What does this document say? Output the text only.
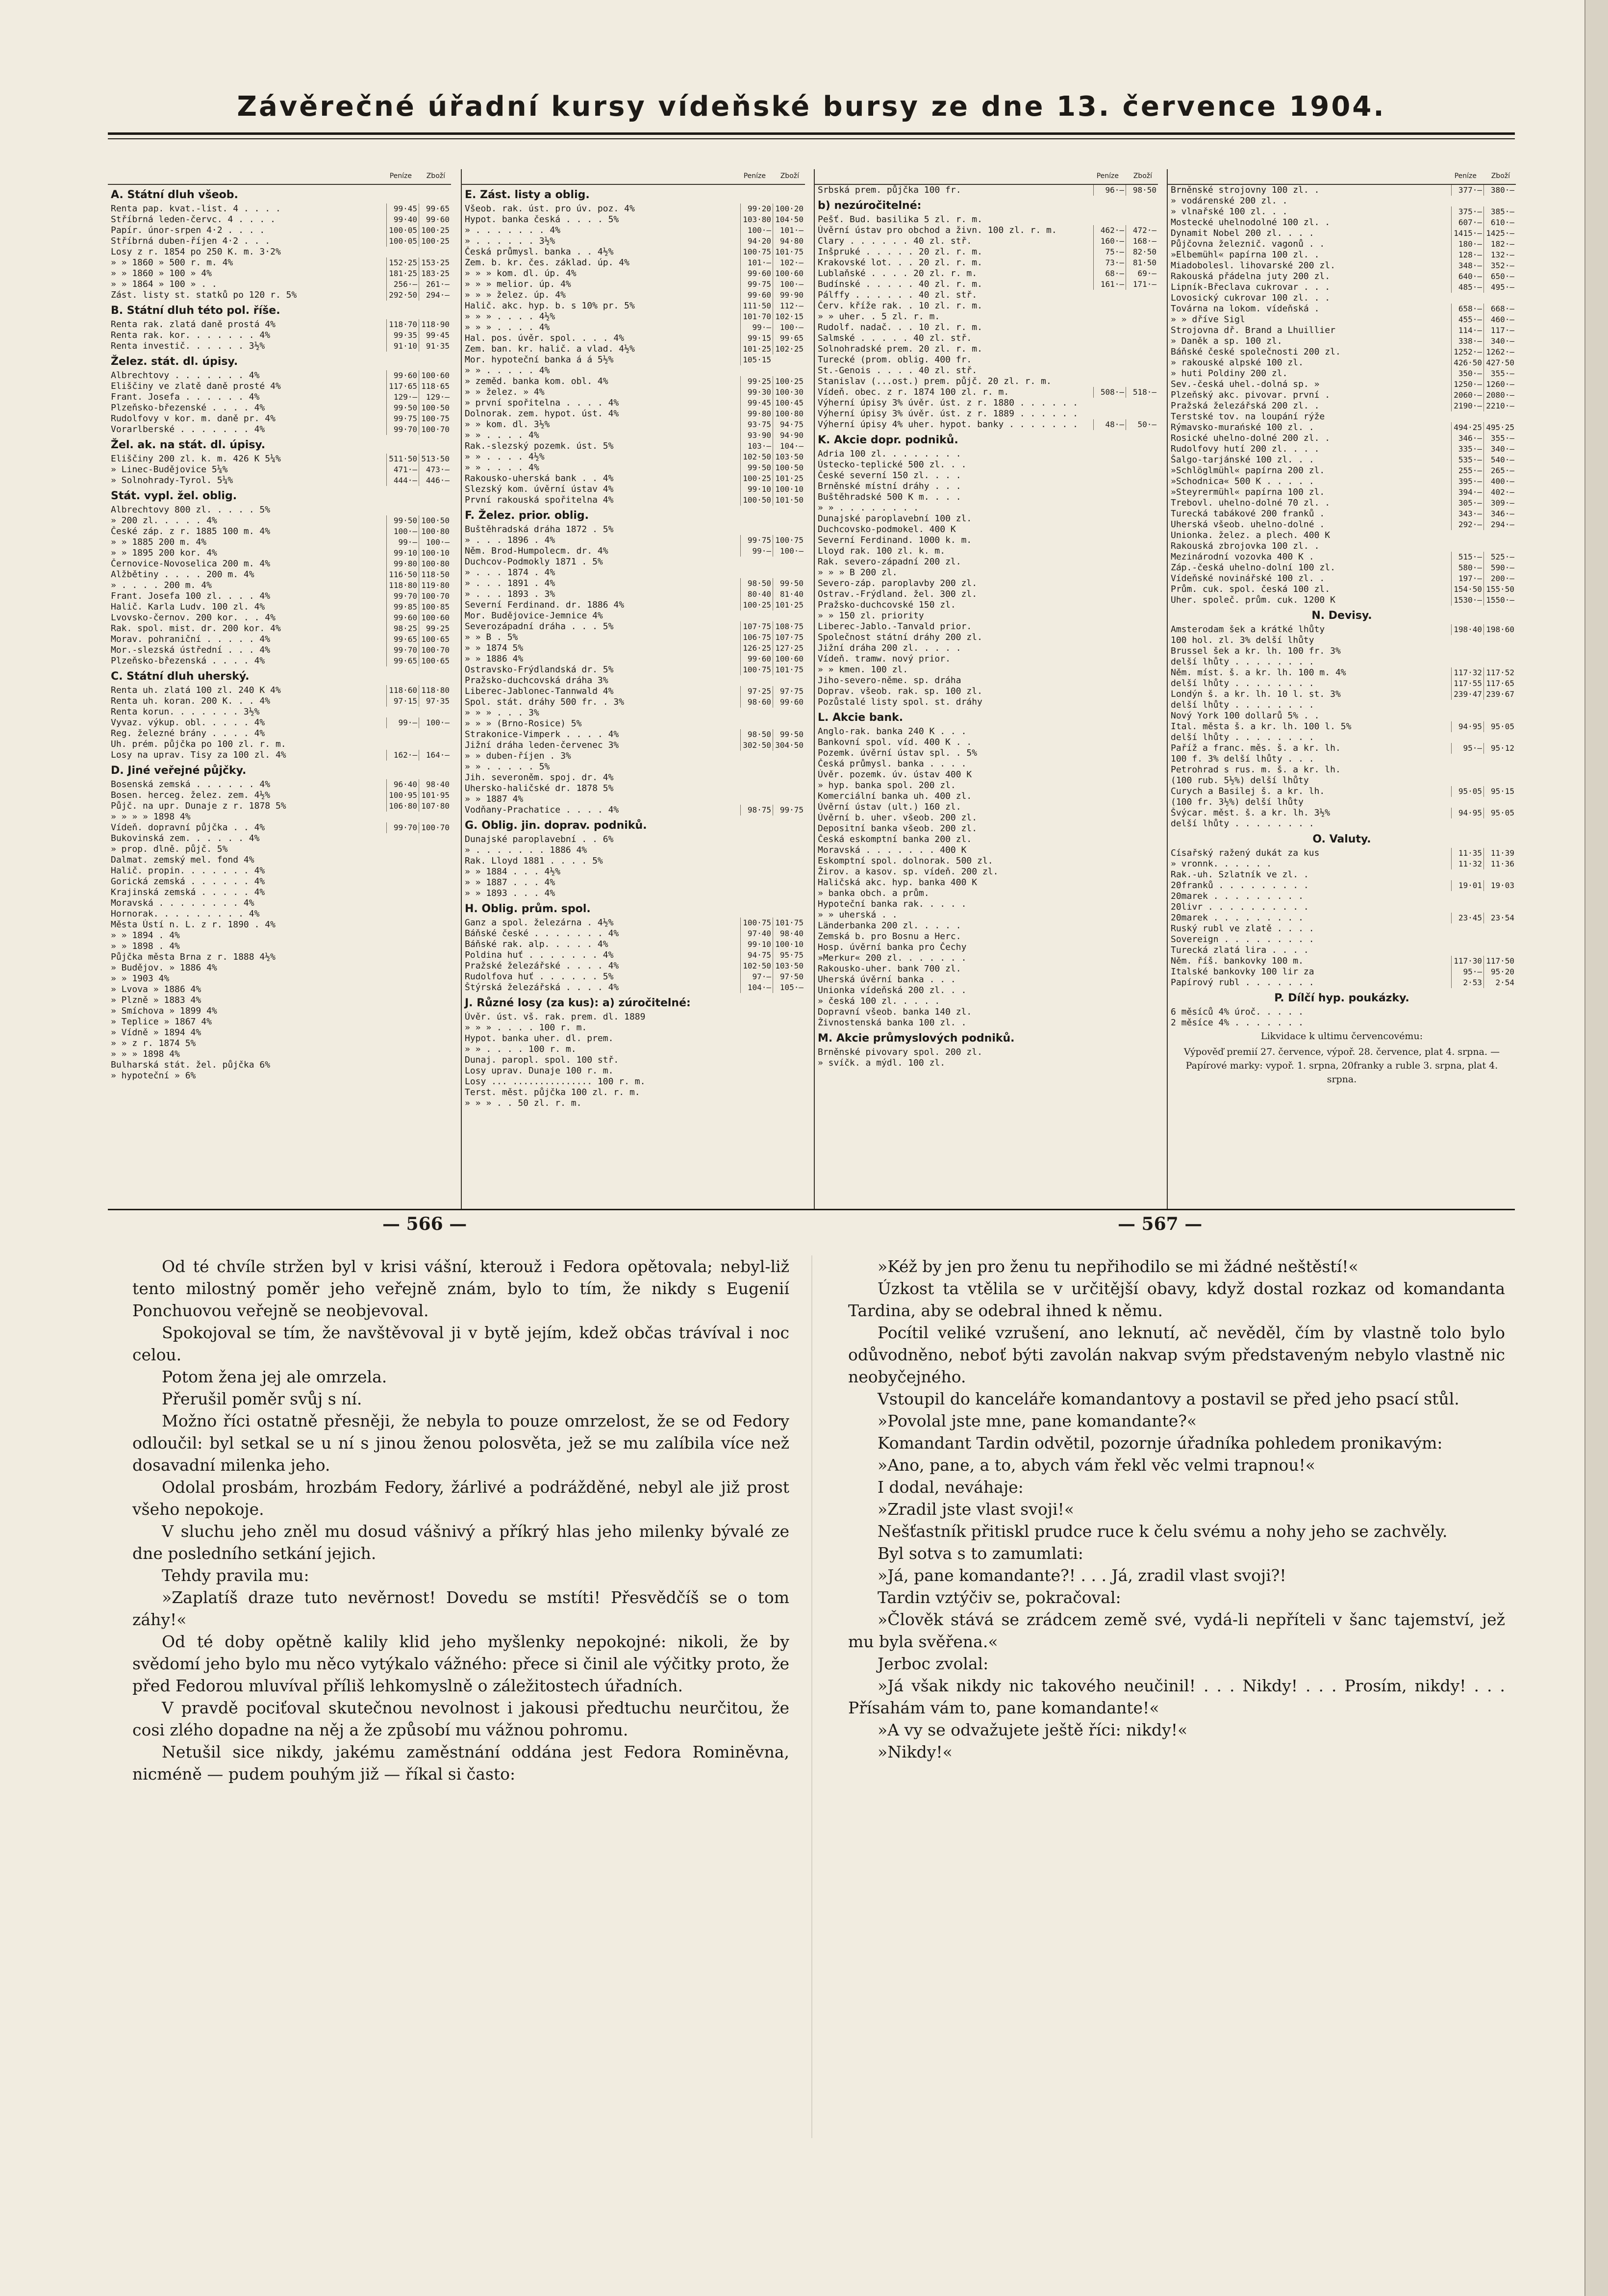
Závěrečné úřadní kursy vídeňské bursy ze dne 13. července 1904.
Peníze Zboží
A. Státní dluh všeob.
Renta pap. kvat.-list. 4 . . . .	99·45	99·65
Stříbrná leden-červc. 4 . . . .	99·40	99·60
Papír. únor-srpen 4·2 . . . .	100·05 100·25
Stříbrná duben-říjen 4·2 . . .	100·05 100·25
Losy z r. 1854 po 250 K. m. 3·2%
» » 1860 » 500 r. m. 4%	152·25 153·25
» » 1860 » 100 » 4%	181·25 183·25
» » 1864 » 100 » . .	256·—	261·—
Zást. listy st. statků po 120 r. 5%	292·50	294·—
B. Státní dluh této pol. říše.
Renta rak. zlatá daně prostá 4%	118·70 118·90
Renta rak. kor. . . . . . . 4%	99·35	99·45
Renta investič. . . . . . 3½%	91·10	91·35
Želez. stát. dl. úpisy.
Albrechtovy . . . . . . . 4%	99·60 100·60
Eliščiny ve zlatě daně prosté 4%	117·65 118·65
Frant. Josefa . . . . . . 4%	129·—	129·—
Plzeňsko-březenské . . . . 4%	99·50 100·50
Rudolfovy v kor. m. daně pr. 4%	99·75 100·75
Vorarlberské . . . . . . . 4%	99·70 100·70
Žel. ak. na stát. dl. úpisy.
Eliščiny 200 zl. k. m. 426 K 5¼%	511·50 513·50
» Linec-Budějovice 5¼%	471·—	473·—
» Solnohrady-Tyrol. 5¼%	444·—	446·—
Stát. vypl. žel. oblig.
Albrechtovy 800 zl. . . . . 5%
» 200 zl. . . . . 4%	99·50 100·50
České záp. z r. 1885 100 m. 4%	100·— 100·80
» » 1885 200 m. 4%	99·—	100·—
» » 1895 200 kor. 4%	99·10 100·10
Černovice-Novoselica 200 m. 4%	99·80 100·80
Alžbětiny . . . . 200 m. 4%	116·50 118·50
» . . . . 200 m. 4%	118·80 119·80
Frant. Josefa 100 zl. . . . 4%	99·70 100·70
Halič. Karla Ludv. 100 zl. 4%	99·85 100·85
Lvovsko-černov. 200 kor. . . 4%	99·60 100·60
Rak. spol. mist. dr. 200 kor. 4%	98·25	99·25
Morav. pohraniční . . . . . 4%	99·65 100·65
Mor.-slezská ústřední . . . 4%	99·70 100·70
Plzeňsko-březenská . . . . 4%	99·65 100·65
C. Státní dluh uherský.
Renta uh. zlatá 100 zl. 240 K 4%	118·60 118·80
Renta uh. koran. 200 K. . . 4%	97·15	97·35
Renta korun. . . . . . . 3½%
Vyvaz. výkup. obl. . . . . 4%	99·—	100·—
Reg. železné brány . . . . 4%
Uh. prém. půjčka po 100 zl. r. m.
Losy na uprav. Tisy za 100 zl. 4%	162·—	164·—
D. Jiné veřejné půjčky.
Bosenská zemská . . . . . . 4%	96·40	98·40
Bosen. herceg. želez. zem. 4½%	100·95 101·95
Půjč. na upr. Dunaje z r. 1878 5%	106·80 107·80
» » » » 1898 4%
Vídeň. dopravní půjčka . . 4%	99·70 100·70
Bukovinská zem. . . . . . 4%
» prop. dlně. půjč. 5%
Dalmat. zemský mel. fond 4%
Halič. propin. . . . . . . 4%
Gorická zemská . . . . . . 4%
Krajinská zemská . . . . . 4%
Moravská . . . . . . . . 4%
Hornorak. . . . . . . . . 4%
Města Ústí n. L. z r. 1890 . 4%
» » 1894 . 4%
» » 1898 . 4%
Půjčka města Brna z r. 1888 4½%
» Budějov. » 1886 4%
» » 1903 4%
» Lvova » 1886 4%
» Plzně » 1883 4%
» Smíchova » 1899 4%
» Teplice » 1867 4%
» Vídně » 1894 4%
» » z r. 1874 5%
» » » 1898 4%
Bulharská stát. žel. půjčka 6%
» hypoteční » 6%
Peníze Zboží
E. Zást. listy a oblig.
Všeob. rak. úst. pro úv. poz. 4%	99·20 100·20
Hypot. banka česká . . . . 5%	103·80 104·50
» . . . . . . . 4%	100·—	101·—
» . . . . . . 3½%	94·20	94·80
Česká průmysl. banka . . 4½%	100·75 101·75
Zem. b. kr. čes. základ. úp. 4%	101·—	102·—
» » » kom. dl. úp. 4%	99·60 100·60
» » » melior. úp. 4%	99·75	100·—
» » » želez. úp. 4%	99·60	99·90
Halič. akc. hyp. b. s 10% pr. 5%	111·50	112·—
» » » . . . . 4½%	101·70 102·15
» » » . . . . 4%	99·—	100·—
Hal. pos. úvěr. spol. . . . 4%	99·15	99·65
Zem. ban. kr. halič. a vlad. 4½%	101·25 102·25
Mor. hypoteční banka á á 5½%	105·15
» » . . . . . 4%
» zeměd. banka kom. obl. 4%	99·25 100·25
» » želez. » 4%	99·30 100·30
» první spořitelna . . . . 4%	99·45 100·45
Dolnorak. zem. hypot. úst. 4%	99·80 100·80
» » kom. dl. 3½%	93·75	94·75
» » . . . . 4%	93·90	94·90
Rak.-slezský pozemk. úst. 5%	103·—	104·—
» » . . . . 4½%	102·50 103·50
» » . . . . 4%	99·50 100·50
Rakousko-uherská bank . . 4%	100·25 101·25
Slezský kom. úvěrní ústav 4%	99·10 100·10
První rakouská spořitelna 4%	100·50 101·50
F. Želez. prior. oblig.
Buštěhradská dráha 1872 . 5%
» . . . 1896 . 4%	99·75 100·75
Něm. Brod-Humpolecm. dr. 4%	99·—	100·—
Duchcov-Podmokly 1871 . 5%
» . . . 1874 . 4%
» . . . 1891 . 4%	98·50	99·50
» . . . 1893 . 3%	80·40	81·40
Severní Ferdinand. dr. 1886 4%	100·25 101·25
Mor. Budějovice-Jemnice 4%
Severozápadní dráha . . . 5%	107·75 108·75
» » B . 5%	106·75 107·75
» » 1874 5%	126·25 127·25
» » 1886 4%	99·60 100·60
Ostravsko-Frýdlandská dr. 5%	100·75 101·75
Pražsko-duchcovská dráha 3%
Liberec-Jablonec-Tannwald 4%	97·25	97·75
Spol. stát. dráhy 500 fr. . 3%	98·60	99·60
» » » . . . 3%
» » » (Brno-Rosice) 5%
Strakonice-Vimperk . . . . 4%	98·50	99·50
Jižní dráha leden-červenec 3%	302·50 304·50
» » duben-říjen . 3%
» » . . . . . 5%
Jih. severoněm. spoj. dr. 4%
Uhersko-haličské dr. 1878 5%
» » 1887 4%
Vodňany-Prachatice . . . . 4%	98·75	99·75
G. Oblig. jin. doprav. podniků.
Dunajské paroplavební . . 6%
» . . . . . . . 1886 4%
Rak. Lloyd 1881 . . . . 5%
» » 1884 . . . 4½%
» » 1887 . . . 4%
» » 1893 . . . 4%
H. Oblig. prům. spol.
Ganz a spol. železárna . 4½%	100·75 101·75
Báňské české . . . . . . . 4%	97·40	98·40
Báňské rak. alp. . . . . 4%	99·10 100·10
Poldina huť . . . . . . . 4%	94·75	95·75
Pražské železářské . . . . 4%	102·50 103·50
Rudolfova huť . . . . . . 5%	97·—	97·50
Štýrská železářská . . . . 4%	104·—	105·—
J. Různé losy (za kus): a) zúročitelné:
Úvěr. úst. vš. rak. prem. dl. 1889
» » » . . . . 100 r. m.
Hypot. banka uher. dl. prem.
» » . . . . 100 r. m.
Dunaj. paropl. spol. 100 stř.
Losy uprav. Dunaje 100 r. m.
Losy ... ............... 100 r. m.
Terst. měst. půjčka 100 zl. r. m.
» » » . . 50 zl. r. m.
Peníze Zboží
Srbská prem. půjčka 100 fr.	96·—	98·50
b) nezúročitelné:
Pešť. Bud. basilika 5 zl. r. m.
Úvěrní ústav pro obchod a živn. 100 zl. r. m.	462·—	472·—
Clary . . . . . . 40 zl. stř.	160·—	168·—
Inšpruké . . . . . 20 zl. r. m.	75·—	82·50
Krakovské lot. . . 20 zl. r. m.	73·—	81·50
Lublaňské . . . . 20 zl. r. m.	68·—	69·—
Budínské . . . . . 40 zl. r. m.	161·—	171·—
Pálffy . . . . . . 40 zl. stř.
Červ. kříže rak. . 10 zl. r. m.
» » uher. . 5 zl. r. m.
Rudolf. nadač. . . 10 zl. r. m.
Salmské . . . . . 40 zl. stř.
Solnohradské prem. 20 zl. r. m.
Turecké (prom. oblig. 400 fr.
St.-Genois . . . . 40 zl. stř.
Stanislav (...ost.) prem. půjč. 20 zl. r. m.
Vídeň. obec. z r. 1874 100 zl. r. m.	508·—	518·—
Výherní úpisy 3% úvěr. úst. z r. 1880 . . . . . .
Výherní úpisy 3% úvěr. úst. z r. 1889 . . . . . .
Výherní úpisy 4% uher. hypot. banky . . . . . . .	48·—	50·—
K. Akcie dopr. podniků.
Adria 100 zl. . . . . . . .
Ústecko-teplické 500 zl. . .
České severní 150 zl. . . .
Brněnské místní dráhy . . .
Buštěhradské 500 K m. . . .
» » . . . . . . . .
Dunajské paroplavební 100 zl.
Duchcovsko-podmokel. 400 K
Severní Ferdinand. 1000 k. m.
Lloyd rak. 100 zl. k. m.
Rak. severo-západní 200 zl.
» » » B 200 zl.
Severo-záp. paroplavby 200 zl.
Ostrav.-Frýdland. žel. 300 zl.
Pražsko-duchcovské 150 zl.
» » 150 zl. priority
Liberec-Jablo.-Tanvald prior.
Společnost státní dráhy 200 zl.
Jižní dráha 200 zl. . . . .
Vídeň. tramw. nový prior.
» » kmen. 100 zl.
Jiho-severo-něme. sp. dráha
Doprav. všeob. rak. sp. 100 zl.
Pozůstalé listy spol. st. dráhy
L. Akcie bank.
Anglo-rak. banka 240 K . . .
Bankovní spol. víd. 400 K . .
Pozemk. úvěrní ústav spl. . 5%
Česká průmysl. banka . . . .
Úvěr. pozemk. úv. ústav 400 K
» hyp. banka spol. 200 zl.
Komerciální banka uh. 400 zl.
Úvěrní ústav (ult.) 160 zl.
Úvěrní b. uher. všeob. 200 zl.
Depositní banka všeob. 200 zl.
Česká eskomptní banka 200 zl.
Moravská . . . . . . . 400 K
Eskomptní spol. dolnorak. 500 zl.
Žirov. a kasov. sp. vídeň. 200 zl.
Haličská akc. hyp. banka 400 K
» banka obch. a prům.
Hypoteční banka rak. . . . .
» » uherská . .
Länderbanka 200 zl. . . . .
Zemská b. pro Bosnu a Herc.
Hosp. úvěrní banka pro Čechy
»Merkur« 200 zl. . . . . . .
Rakousko-uher. bank 700 zl.
Uherská úvěrní banka . . .
Unionka vídeňská 200 zl. . .
» česká 100 zl. . . . .
Dopravní všeob. banka 140 zl.
Živnostenská banka 100 zl. .
M. Akcie průmyslových podniků.
Brněnské pivovary spol. 200 zl.
» svíčk. a mýdl. 100 zl.
Peníze Zboží
Brněnské strojovny 100 zl. .	377·—	380·—
» vodárenské 200 zl. .
» vlnařské 100 zl. . .	375·—	385·—
Mostecké uhelnodolné 100 zl. .	607·—	610·—
Dynamit Nobel 200 zl. . . .	1415·— 1425·—
Půjčovna železnič. vagonů . .	180·—	182·—
»Elbemühl« papírna 100 zl. .	128·—	132·—
Miadobolesl. lihovarské 200 zl.	348·—	352·—
Rakouská přádelna juty 200 zl.	640·—	650·—
Lipník-Břeclava cukrovar . . .	485·—	495·—
Lovosický cukrovar 100 zl. . .
Továrna na lokom. vídeňská .	658·—	668·—
» » dříve Sigl	455·—	460·—
Strojovna dř. Brand a Lhuillier	114·—	117·—
» Daněk a sp. 100 zl.	338·—	340·—
Báňské české společnosti 200 zl.	1252·— 1262·—
» rakouské alpské 100 zl.	426·50 427·50
» huti Poldiny 200 zl.	350·—	355·—
Sev.-česká uhel.-dolná sp. »	1250·— 1260·—
Plzeňský akc. pivovar. první .	2060·— 2080·—
Pražská železářská 200 zl. .	2190·— 2210·—
Terstské tov. na loupání rýže
Rýmavsko-murańské 100 zl. .	494·25 495·25
Rosické uhelno-dolné 200 zl. .	346·—	355·—
Rudolfovy hutí 200 zl. . . .	335·—	340·—
Šalgo-tarjánské 100 zl. . .	535·—	540·—
»Schlöglmühl« papírna 200 zl.	255·—	265·—
»Schodnica« 500 K . . . . .	395·—	400·—
»Steyrermühl« papírna 100 zl.	394·—	402·—
Trebovl. uhelno-dolné 70 zl. .	305·—	309·—
Turecká tabákové 200 franků .	343·—	346·—
Uherská všeob. uhelno-dolné .	292·—	294·—
Unionka. želez. a plech. 400 K
Rakouská zbrojovka 100 zl. .
Mezinárodní vozovka 400 K .	515·—	525·—
Záp.-česká uhelno-dolní 100 zl.	580·—	590·—
Vídeňské novinářské 100 zl. .	197·—	200·—
Prům. cuk. spol. česká 100 zl.	154·50 155·50
Uher. společ. prům. cuk. 1200 K	1530·— 1550·—
N. Devisy.
Amsterodam šek a krátké lhůty	198·40 198·60
100 hol. zl. 3% delší lhůty
Brussel šek a kr. lh. 100 fr. 3%
delší lhůty . . . . . . . .
Něm. míst. š. a kr. lh. 100 m. 4%	117·32 117·52
delší lhůty . . . . . . . .	117·55 117·65
Londýn š. a kr. lh. 10 l. st. 3%	239·47 239·67
delší lhůty . . . . . . . .
Nový York 100 dollarů 5% . .
Ital. města š. a kr. lh. 100 l. 5%	94·95	95·05
delší lhůty . . . . . . . .
Paříž a franc. měs. š. a kr. lh.	95·—	95·12
100 f. 3% delší lhůty . . .
Petrohrad s rus. m. š. a kr. lh.
(100 rub. 5½%) delší lhůty
Curych a Basilej š. a kr. lh.	95·05	95·15
(100 fr. 3½%) delší lhůty
Švýcar. měst. š. a kr. lh. 3½%	94·95	95·05
delší lhůty . . . . . . . .
O. Valuty.
Císařský ražený dukát za kus	11·35	11·39
» vronnk. . . . . .	11·32	11·36
Rak.-uh. Szlatník ve zl. .
20franků . . . . . . . . .	19·01	19·03
20marek . . . . . . . . .
20livr . . . . . . . . . .
20marek . . . . . . . . .	23·45	23·54
Ruský rubl ve zlatě . . . .
Sovereign . . . . . . . . .
Turecká zlatá lira . . . .
Něm. říš. bankovky 100 m.	117·30 117·50
Italské bankovky 100 lir za	95·—	95·20
Papírový rubl . . . . . . .	2·53	2·54
P. Dílčí hyp. poukázky.
6 měsíců 4% úroč. . . . .
2 měsíce 4% . . . . . . .
Likvidace k ultimu červencovému:
Výpověď premií 27. července, výpoř. 28. července, plat 4. srpna. — Papírové marky: vypoř. 1. srpna, 20franky a ruble 3. srpna, plat 4. srpna.
— 566 —	— 567 —

Od té chvíle stržen byl v krisi vášní, kterouž i Fedora opětovala; nebyl-liž tento milostný poměr jeho veřejně znám, bylo to tím, že nikdy s Eugenií Ponchuovou veřejně se neobjevoval.

Spokojoval se tím, že navštěvoval ji v bytě jejím, kdež občas trávíval i noc celou.

Potom žena jej ale omrzela.

Přerušil poměr svůj s ní.

Možno říci ostatně přesněji, že nebyla to pouze omrzelost, že se od Fedory odloučil: byl setkal se u ní s jinou ženou polosvěta, jež se mu zalíbila více než dosavadní milenka jeho.

Odolal prosbám, hrozbám Fedory, žárlivé a podrážděné, nebyl ale již prost všeho nepokoje.

V sluchu jeho zněl mu dosud vášnivý a příkrý hlas jeho milenky bývalé ze dne posledního setkání jejich.

Tehdy pravila mu:

»Zaplatíš draze tuto nevěrnost! Dovedu se mstíti! Přesvědčíš se o tom záhy!«

Od té doby opětně kalily klid jeho myšlenky nepokojné: nikoli, že by svědomí jeho bylo mu něco vytýkalo vážného: přece si činil ale výčitky proto, že před Fedorou mluvíval příliš lehkomyslně o záležitostech úřadních.

V pravdě pociťoval skutečnou nevolnost i jakousi předtuchu neurčitou, že cosi zlého dopadne na něj a že způsobí mu vážnou pohromu.

Netušil sice nikdy, jakému zaměstnání oddána jest Fedora Rominěvna, nicméně — pudem pouhým již — říkal si často:

»Kéž by jen pro ženu tu nepřihodilo se mi žádné neštěstí!«

Úzkost ta vtělila se v určitější obavy, když dostal rozkaz od komandanta Tardina, aby se odebral ihned k němu.

Pocítil veliké vzrušení, ano leknutí, ač nevěděl, čím by vlastně tolo bylo odůvodněno, neboť býti zavolán nakvap svým představeným nebylo vlastně nic neobyčejného.

Vstoupil do kanceláře komandantovy a postavil se před jeho psací stůl.

»Povolal jste mne, pane komandante?«

Komandant Tardin odvětil, pozornje úřadníka pohledem pronikavým:

»Ano, pane, a to, abych vám řekl věc velmi trapnou!«

I dodal, neváhaje:

»Zradil jste vlast svoji!«

Nešťastník přitiskl prudce ruce k čelu svému a nohy jeho se zachvěly.

Byl sotva s to zamumlati:

»Já, pane komandante?! . . . Já, zradil vlast svoji?!

Tardin vztýčiv se, pokračoval:

»Člověk stává se zrádcem země své, vydá-li nepříteli v šanc tajemství, jež mu byla svěřena.«

Jerboc zvolal:

»Já však nikdy nic takového neučinil! . . . Nikdy! . . . Prosím, nikdy! . . . Přísahám vám to, pane komandante!«

»A vy se odvažujete ještě říci: nikdy!«

»Nikdy!«
